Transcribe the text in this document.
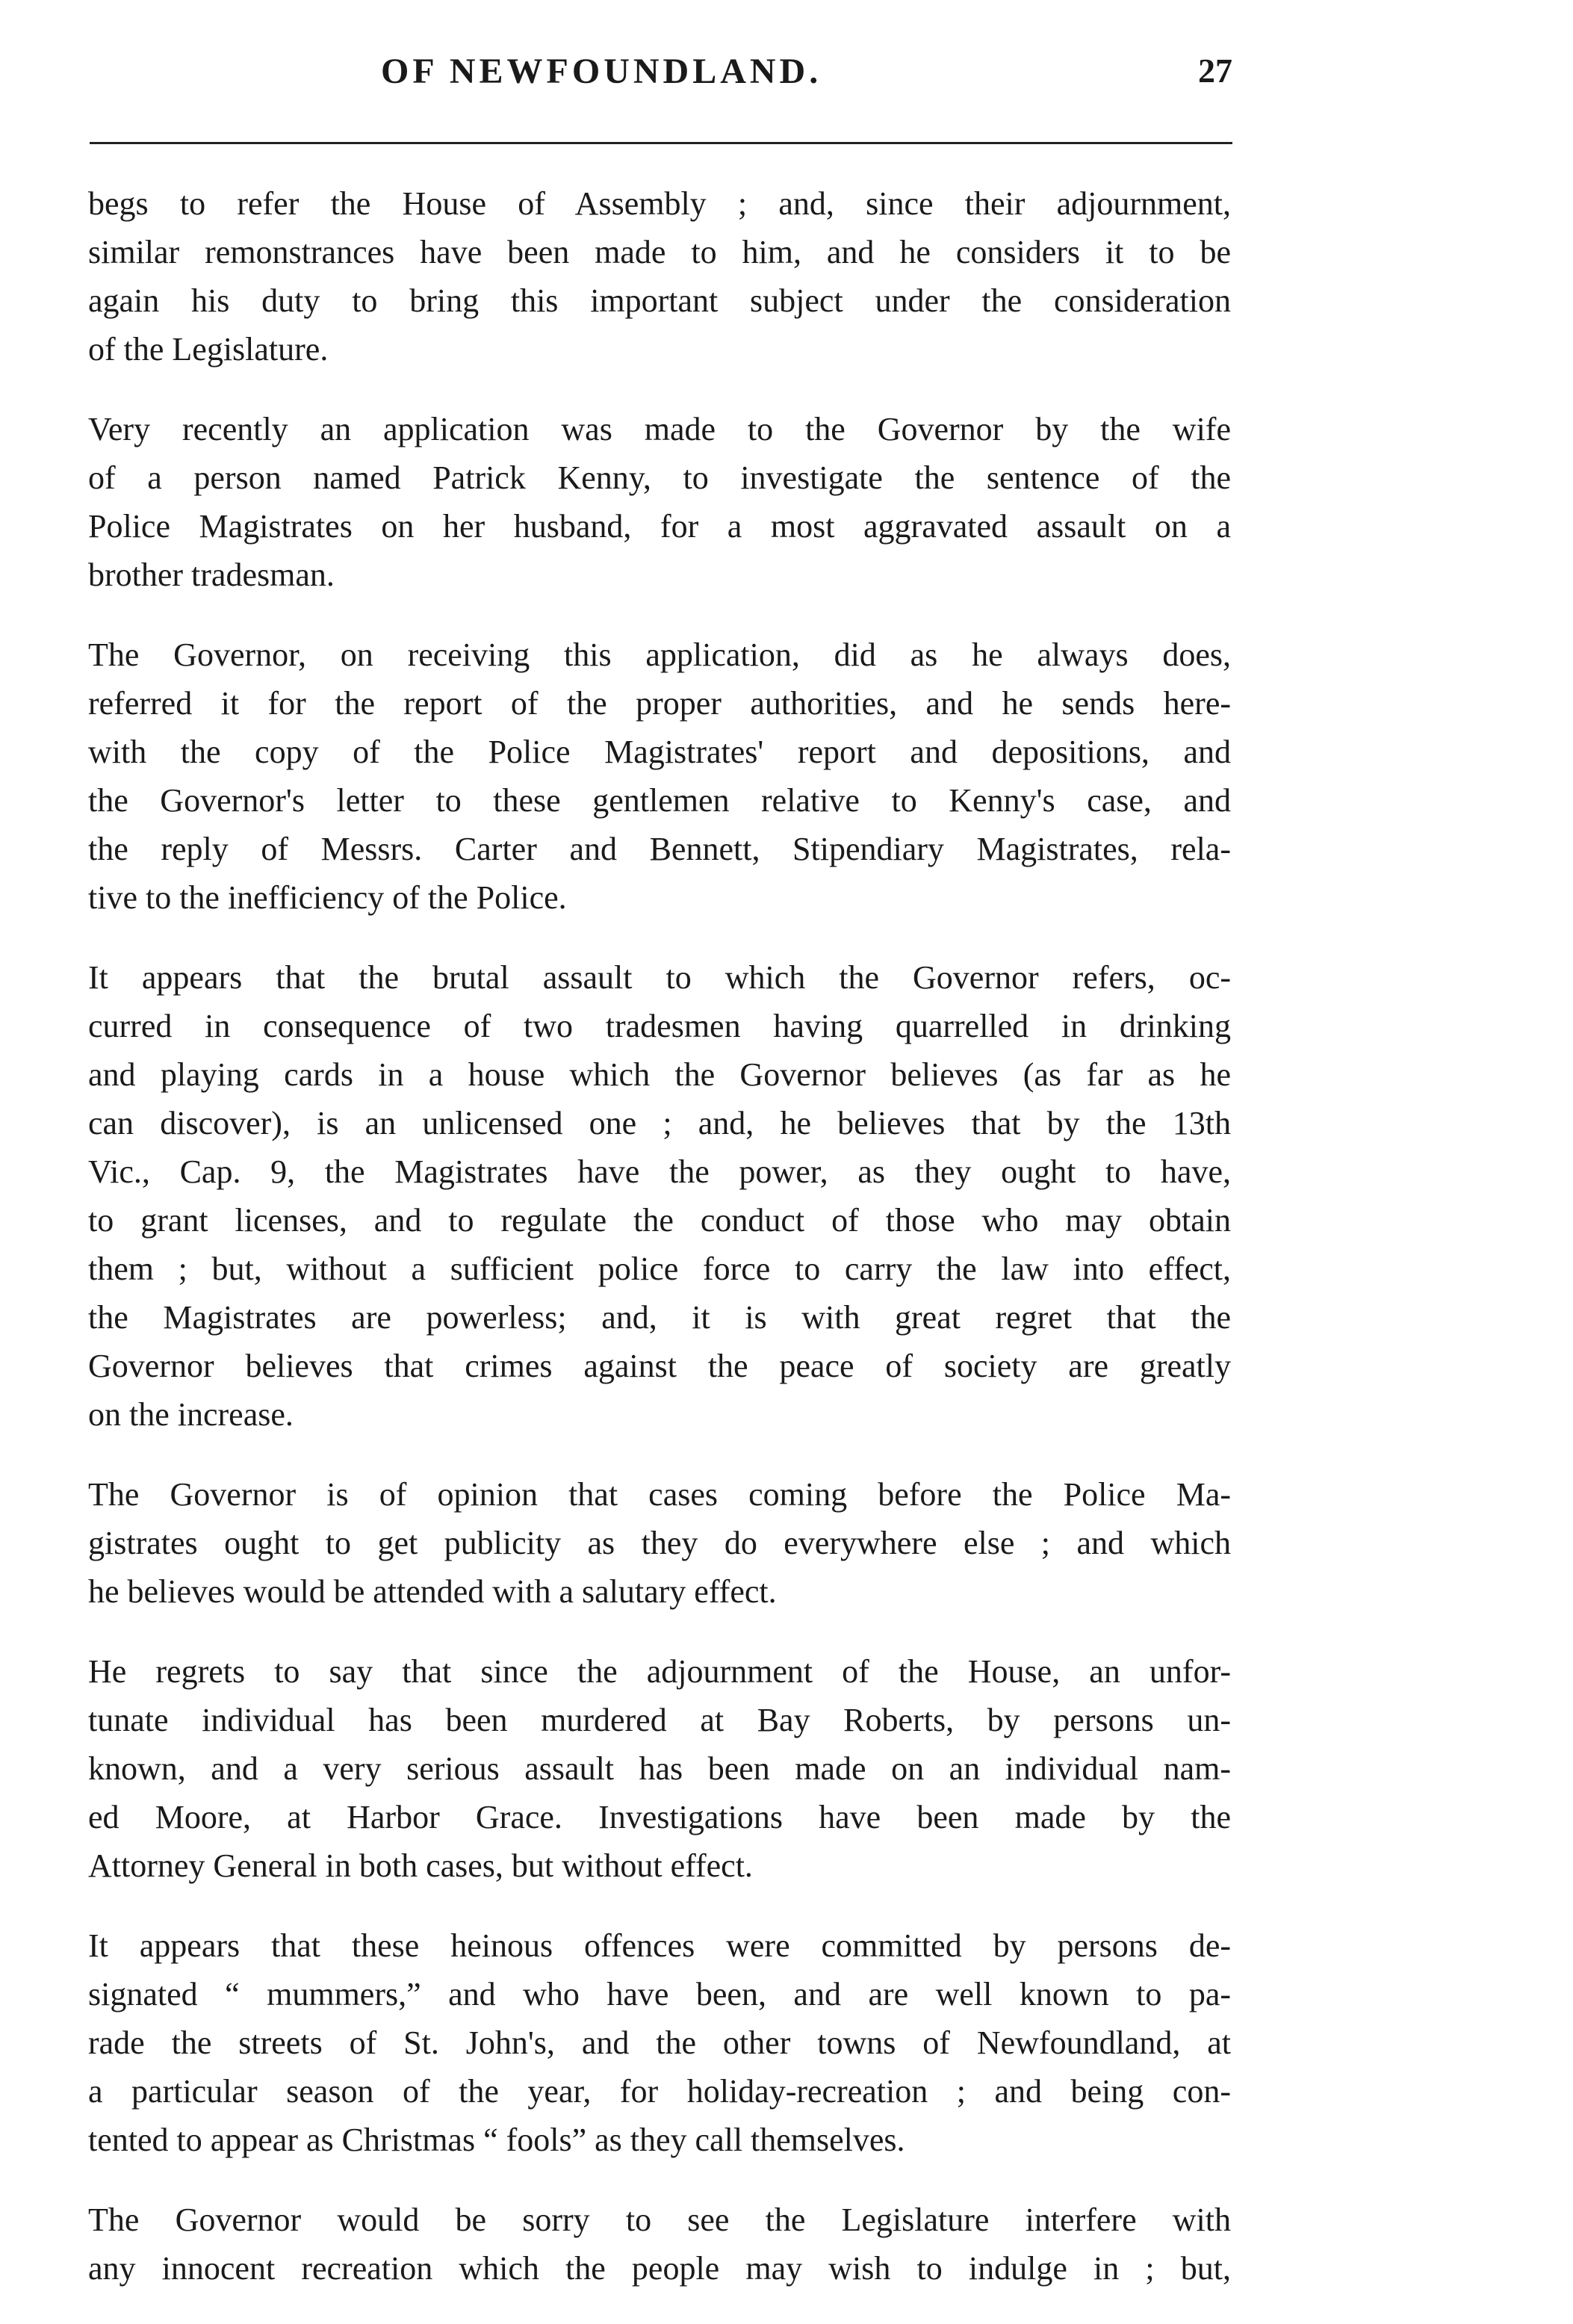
OF NEWFOUNDLAND.	27
begs to refer the House of Assembly ; and, since their adjournment,
similar remonstrances have been made to him, and he considers it to be
again his duty to bring this important subject under the consideration
of the Legislature.
Very recently an application was made to the Governor by the wife
of a person named Patrick Kenny, to investigate the sentence of the
Police Magistrates on her husband, for a most aggravated assault on a
brother tradesman.
The Governor, on receiving this application, did as he always does,
referred it for the report of the proper authorities, and he sends here-
with the copy of the Police Magistrates' report and depositions, and
the Governor's letter to these gentlemen relative to Kenny's case, and
the reply of Messrs. Carter and Bennett, Stipendiary Magistrates, rela-
tive to the inefficiency of the Police.
It appears that the brutal assault to which the Governor refers, oc-
curred in consequence of two tradesmen having quarrelled in drinking
and playing cards in a house which the Governor believes (as far as he
can discover), is an unlicensed one ; and, he believes that by the 13th
Vic., Cap. 9, the Magistrates have the power, as they ought to have,
to grant licenses, and to regulate the conduct of those who may obtain
them ; but, without a sufficient police force to carry the law into effect,
the Magistrates are powerless; and, it is with great regret that the
Governor believes that crimes against the peace of society are greatly
on the increase.
The Governor is of opinion that cases coming before the Police Ma-
gistrates ought to get publicity as they do everywhere else ; and which
he believes would be attended with a salutary effect.
He regrets to say that since the adjournment of the House, an unfor-
tunate individual has been murdered at Bay Roberts, by persons un-
known, and a very serious assault has been made on an individual nam-
ed Moore, at Harbor Grace. Investigations have been made by the
Attorney General in both cases, but without effect.
It appears that these heinous offences were committed by persons de-
signated “ mummers,” and who have been, and are well known to pa-
rade the streets of St. John's, and the other towns of Newfoundland, at
a particular season of the year, for holiday-recreation ; and being con-
tented to appear as Christmas “ fools” as they call themselves.
The Governor would be sorry to see the Legislature interfere with
any innocent recreation which the people may wish to indulge in ; but,
